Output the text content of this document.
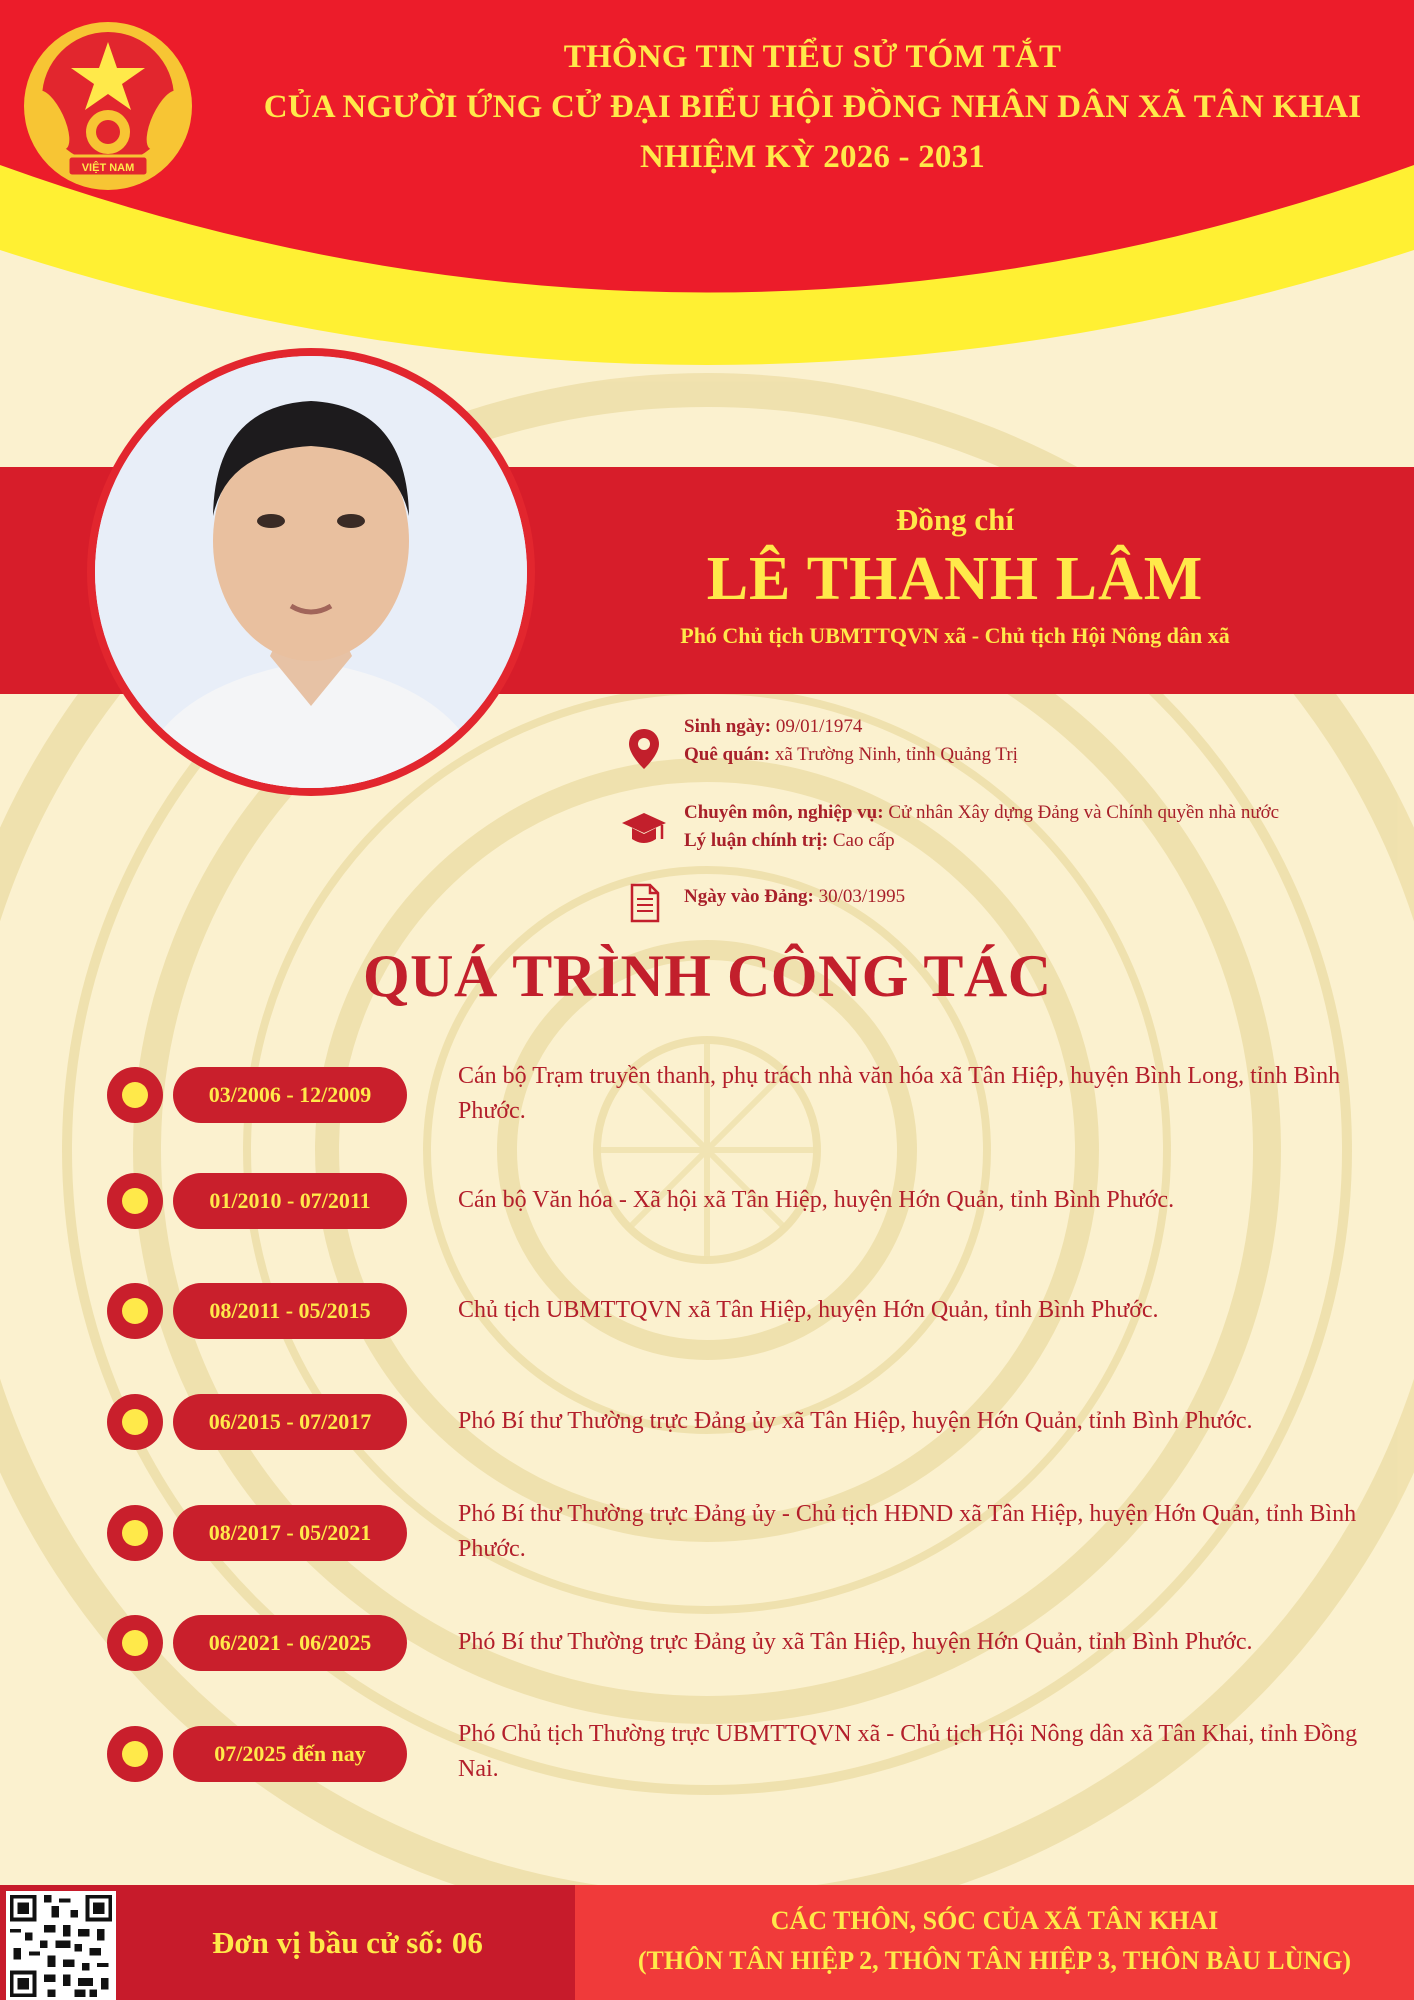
VIỆT NAM
THÔNG TIN TIỂU SỬ TÓM TẮT
CỦA NGƯỜI ỨNG CỬ ĐẠI BIỂU HỘI ĐỒNG NHÂN DÂN XÃ TÂN KHAI
NHIỆM KỲ 2026 - 2031
Đồng chí
LÊ THANH LÂM
Phó Chủ tịch UBMTTQVN xã - Chủ tịch Hội Nông dân xã
Sinh ngày: 09/01/1974
Quê quán: xã Trường Ninh, tỉnh Quảng Trị
Chuyên môn, nghiệp vụ: Cử nhân Xây dựng Đảng và Chính quyền nhà nước
Lý luận chính trị: Cao cấp
Ngày vào Đảng: 30/03/1995
QUÁ TRÌNH CÔNG TÁC
03/2006 - 12/2009
Cán bộ Trạm truyền thanh, phụ trách nhà văn hóa xã Tân Hiệp, huyện Bình Long, tỉnh Bình Phước.
01/2010 - 07/2011	Cán bộ Văn hóa - Xã hội xã Tân Hiệp, huyện Hớn Quản, tỉnh Bình Phước.
08/2011 - 05/2015	Chủ tịch UBMTTQVN xã Tân Hiệp, huyện Hớn Quản, tỉnh Bình Phước.
06/2015 - 07/2017	Phó Bí thư Thường trực Đảng ủy xã Tân Hiệp, huyện Hớn Quản, tỉnh Bình Phước.
08/2017 - 05/2021
Phó Bí thư Thường trực Đảng ủy - Chủ tịch HĐND xã Tân Hiệp, huyện Hớn Quản, tỉnh Bình Phước.
06/2021 - 06/2025	Phó Bí thư Thường trực Đảng ủy xã Tân Hiệp, huyện Hớn Quản, tỉnh Bình Phước.
07/2025 đến nay
Phó Chủ tịch Thường trực UBMTTQVN xã - Chủ tịch Hội Nông dân xã Tân Khai, tỉnh Đồng Nai.
Đơn vị bầu cử số: 06
CÁC THÔN, SÓC CỦA XÃ TÂN KHAI
(THÔN TÂN HIỆP 2, THÔN TÂN HIỆP 3, THÔN BÀU LÙNG)
